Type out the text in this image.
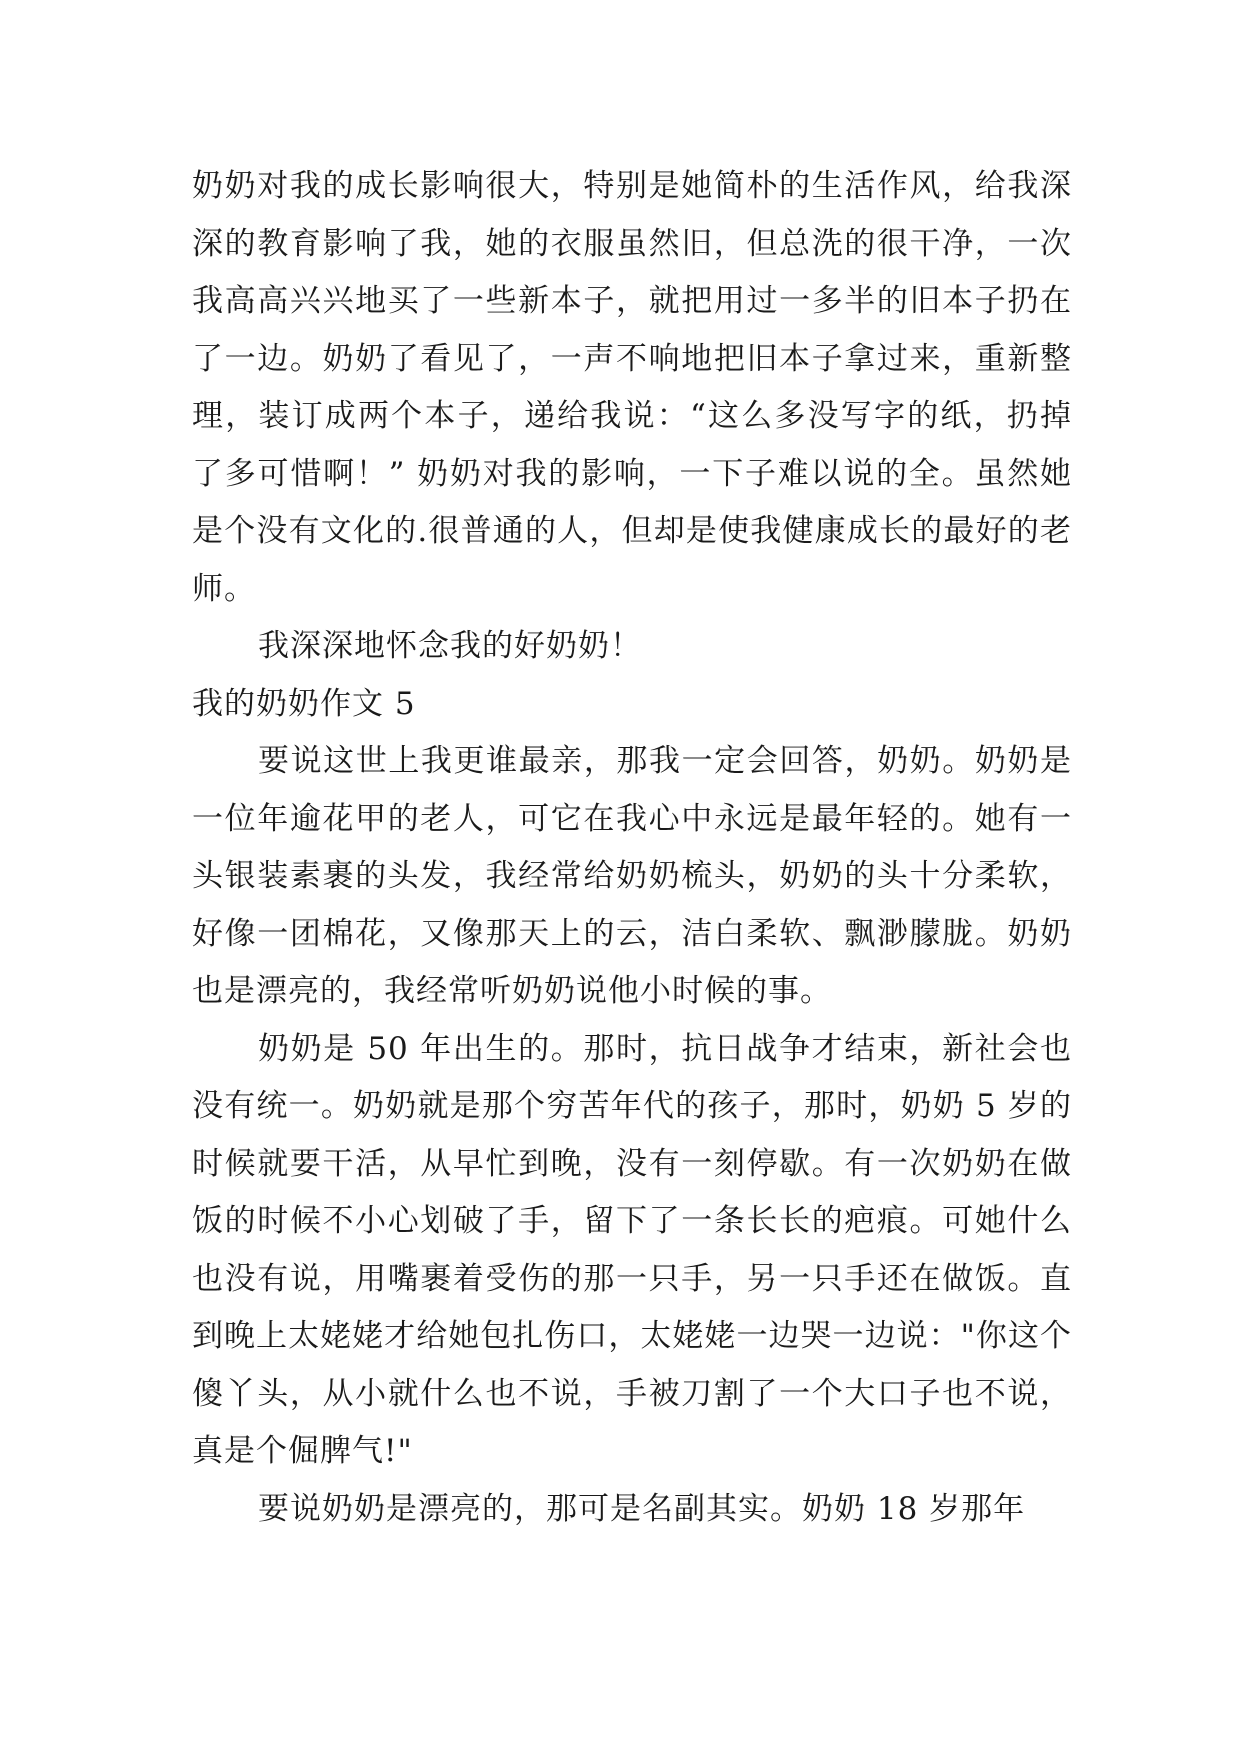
奶奶对我的成长影响很大，特别是她简朴的生活作风，给我深深的教育影响了我，她的衣服虽然旧，但总洗的很干净，一次我高高兴兴地买了一些新本子，就把用过一多半的旧本子扔在了一边。奶奶了看见了，一声不响地把旧本子拿过来，重新整理，装订成两个本子，递给我说：“这么多没写字的纸，扔掉了多可惜啊！” 奶奶对我的影响，一下子难以说的全。虽然她是个没有文化的.很普通的人，但却是使我健康成长的最好的老师。

我深深地怀念我的好奶奶！

我的奶奶作文 5

要说这世上我更谁最亲，那我一定会回答，奶奶。奶奶是一位年逾花甲的老人，可它在我心中永远是最年轻的。她有一头银装素裹的头发，我经常给奶奶梳头，奶奶的头十分柔软，好像一团棉花，又像那天上的云，洁白柔软、飘渺朦胧。奶奶也是漂亮的，我经常听奶奶说他小时候的事。

奶奶是 50 年出生的。那时，抗日战争才结束，新社会也没有统一。奶奶就是那个穷苦年代的孩子，那时，奶奶 5 岁的时候就要干活，从早忙到晚，没有一刻停歇。有一次奶奶在做饭的时候不小心划破了手，留下了一条长长的疤痕。可她什么也没有说，用嘴裹着受伤的那一只手，另一只手还在做饭。直到晚上太姥姥才给她包扎伤口，太姥姥一边哭一边说："你这个傻丫头，从小就什么也不说，手被刀割了一个大口子也不说，真是个倔脾气!"

要说奶奶是漂亮的，那可是名副其实。奶奶 18 岁那年
